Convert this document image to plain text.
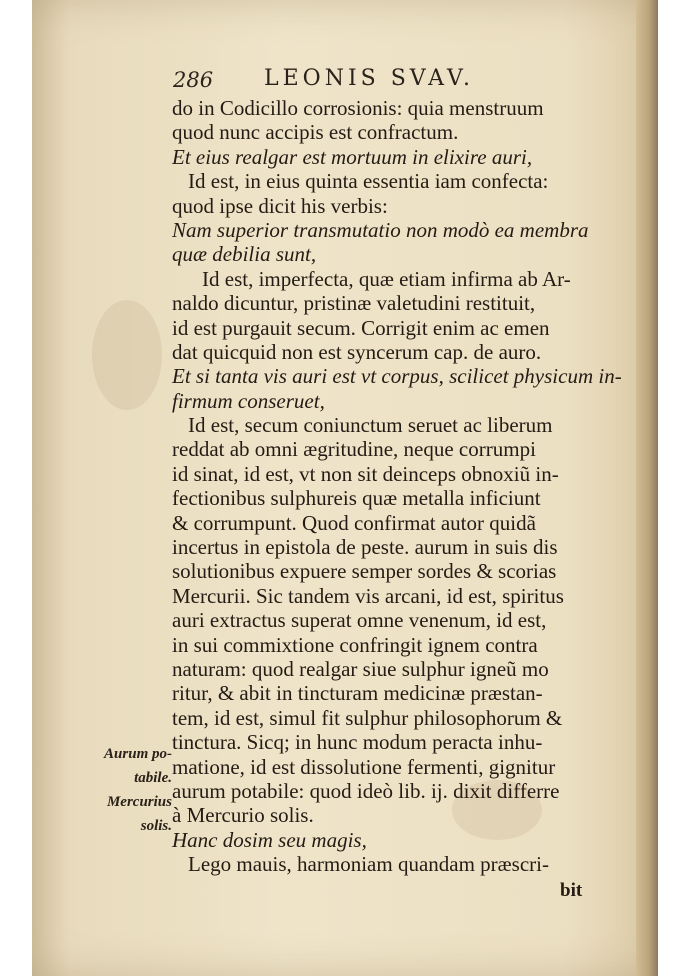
286 LEONIS SVAV.
do in Codicillo corrosionis: quia menstruum
quod nunc accipis est confractum.
Et eius realgar est mortuum in elixire auri,
Id est, in eius quinta essentia iam confecta:
quod ipse dicit his verbis:
Nam superior transmutatio non modò ea membra
quæ debilia sunt,
Id est, imperfecta, quæ etiam infirma ab Ar-
naldo dicuntur, pristinæ valetudini restituit,
id est purgauit secum. Corrigit enim ac emen
dat quicquid non est syncerum cap. de auro.
Et si tanta vis auri est vt corpus, scilicet physicum in-
firmum conseruet,
Id est, secum coniunctum seruet ac liberum
reddat ab omni ægritudine, neque corrumpi
id sinat, id est, vt non sit deinceps obnoxiũ in-
fectionibus sulphureis quæ metalla inficiunt
& corrumpunt. Quod confirmat autor quidã
incertus in epistola de peste. aurum in suis dis
solutionibus expuere semper sordes & scorias
Mercurii. Sic tandem vis arcani, id est, spiritus
auri extractus superat omne venenum, id est,
in sui commixtione confringit ignem contra
naturam: quod realgar siue sulphur igneũ mo
ritur, & abit in tincturam medicinæ præstan-
tem, id est, simul fit sulphur philosophorum &
tinctura. Sicq; in hunc modum peracta inhu-
matione, id est dissolutione fermenti, gignitur
aurum potabile: quod ideò lib. ij. dixit differre
à Mercurio solis.
Hanc dosim seu magis,
Lego mauis, harmoniam quandam præscri-
bit
Aurum po-
tabile.
Mercurius
solis.
